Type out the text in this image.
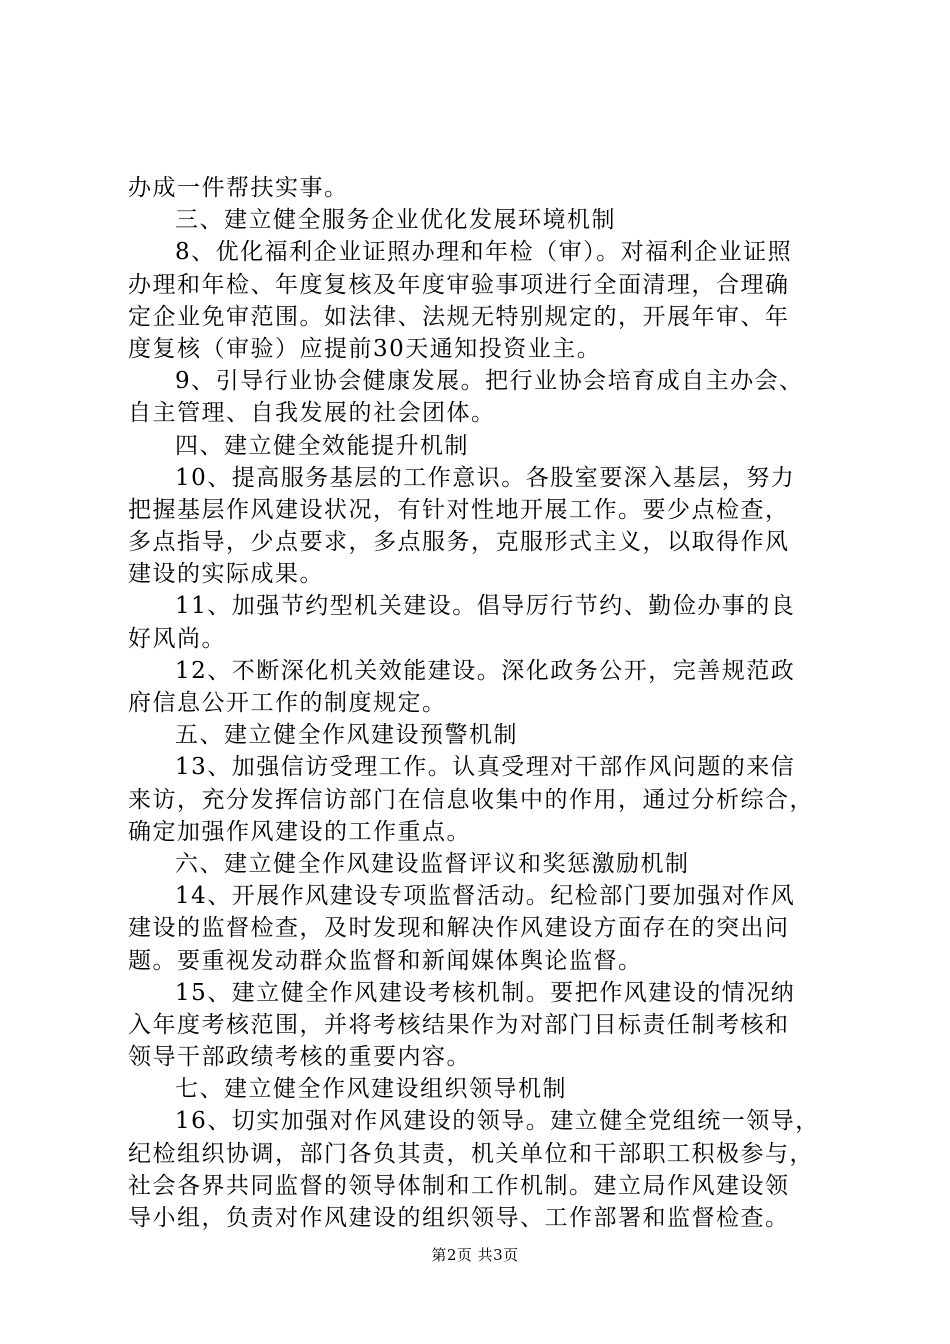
办成一件帮扶实事。
三、建立健全服务企业优化发展环境机制
8、优化福利企业证照办理和年检（审）。对福利企业证照
办理和年检、年度复核及年度审验事项进行全面清理，合理确
定企业免审范围。如法律、法规无特别规定的，开展年审、年
度复核（审验）应提前30天通知投资业主。
9、引导行业协会健康发展。把行业协会培育成自主办会、
自主管理、自我发展的社会团体。
四、建立健全效能提升机制
10、提高服务基层的工作意识。各股室要深入基层，努力
把握基层作风建设状况，有针对性地开展工作。要少点检查，
多点指导，少点要求，多点服务，克服形式主义，以取得作风
建设的实际成果。
11、加强节约型机关建设。倡导厉行节约、勤俭办事的良
好风尚。
12、不断深化机关效能建设。深化政务公开，完善规范政
府信息公开工作的制度规定。
五、建立健全作风建设预警机制
13、加强信访受理工作。认真受理对干部作风问题的来信
来访，充分发挥信访部门在信息收集中的作用，通过分析综合，
确定加强作风建设的工作重点。
六、建立健全作风建设监督评议和奖惩激励机制
14、开展作风建设专项监督活动。纪检部门要加强对作风
建设的监督检查，及时发现和解决作风建设方面存在的突出问
题。要重视发动群众监督和新闻媒体舆论监督。
15、建立健全作风建设考核机制。要把作风建设的情况纳
入年度考核范围，并将考核结果作为对部门目标责任制考核和
领导干部政绩考核的重要内容。
七、建立健全作风建设组织领导机制
16、切实加强对作风建设的领导。建立健全党组统一领导，
纪检组织协调，部门各负其责，机关单位和干部职工积极参与，
社会各界共同监督的领导体制和工作机制。建立局作风建设领
导小组，负责对作风建设的组织领导、工作部署和监督检查。
第2页 共3页
